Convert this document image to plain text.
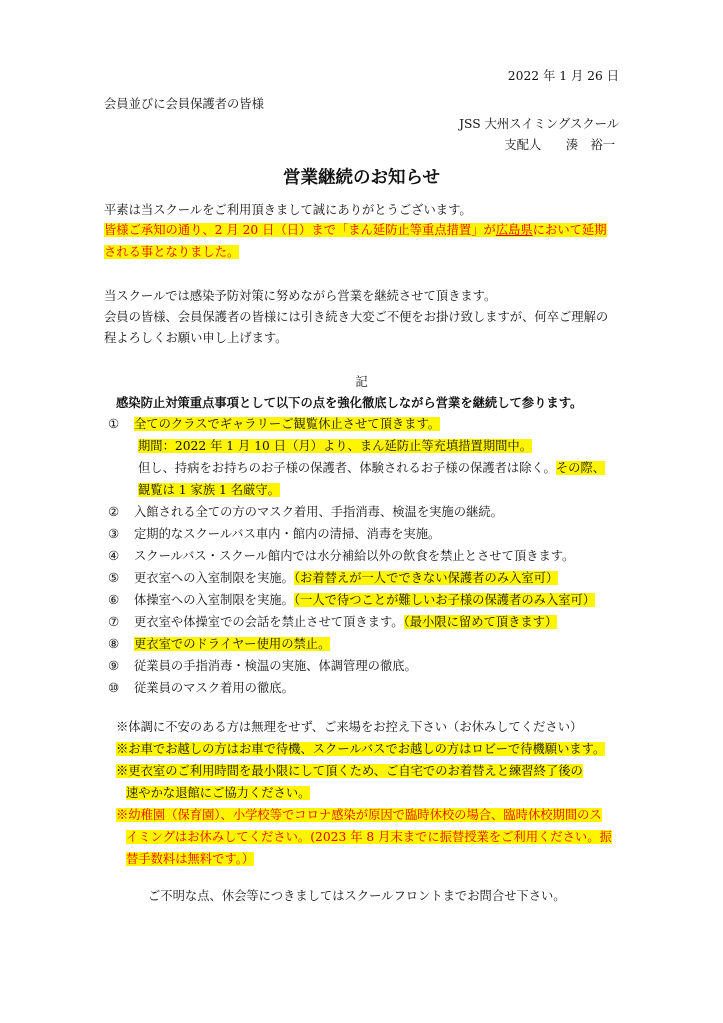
2022 年 1 月 26 日
会員並びに会員保護者の皆様
JSS 大州スイミングスクール
支配人　　湊　裕一
営業継続のお知らせ
平素は当スクールをご利用頂きまして誠にありがとうございます。
皆様ご承知の通り、2 月 20 日（日）まで「まん延防止等重点措置」が広島県において延期
される事となりました。
当スクールでは感染予防対策に努めながら営業を継続させて頂きます。
会員の皆様、会員保護者の皆様には引き続き大変ご不便をお掛け致しますが、何卒ご理解の
程よろしくお願い申し上げます。
記
感染防止対策重点事項として以下の点を強化徹底しながら営業を継続して参ります。
① 全てのクラスでギャラリーご観覧休止させて頂きます。
期間：2022 年 1 月 10 日（月）より、まん延防止等充填措置期間中。
但し、持病をお持ちのお子様の保護者、体験されるお子様の保護者は除く。その際、
観覧は 1 家族 1 名厳守。
② 入館される全ての方のマスク着用、手指消毒、検温を実施の継続。
③ 定期的なスクールバス車内・館内の清掃、消毒を実施。
④ スクールバス・スクール館内では水分補給以外の飲食を禁止とさせて頂きます。
⑤ 更衣室への入室制限を実施。（お着替えが一人でできない保護者のみ入室可）
⑥ 体操室への入室制限を実施。（一人で待つことが難しいお子様の保護者のみ入室可）
⑦ 更衣室や体操室での会話を禁止させて頂きます。（最小限に留めて頂きます）
⑧ 更衣室でのドライヤー使用の禁止。
⑨ 従業員の手指消毒・検温の実施、体調管理の徹底。
⑩ 従業員のマスク着用の徹底。
※体調に不安のある方は無理をせず、ご来場をお控え下さい（お休みしてください）
※お車でお越しの方はお車で待機、スクールバスでお越しの方はロビーで待機願います。
※更衣室のご利用時間を最小限にして頂くため、ご自宅でのお着替えと練習終了後の
速やかな退館にご協力ください。
※幼稚園（保育園）、小学校等でコロナ感染が原因で臨時休校の場合、臨時休校期間のス
イミングはお休みしてください。(2023 年 8 月末までに振替授業をご利用ください。振
替手数料は無料です。）
ご不明な点、休会等につきましてはスクールフロントまでお問合せ下さい。
